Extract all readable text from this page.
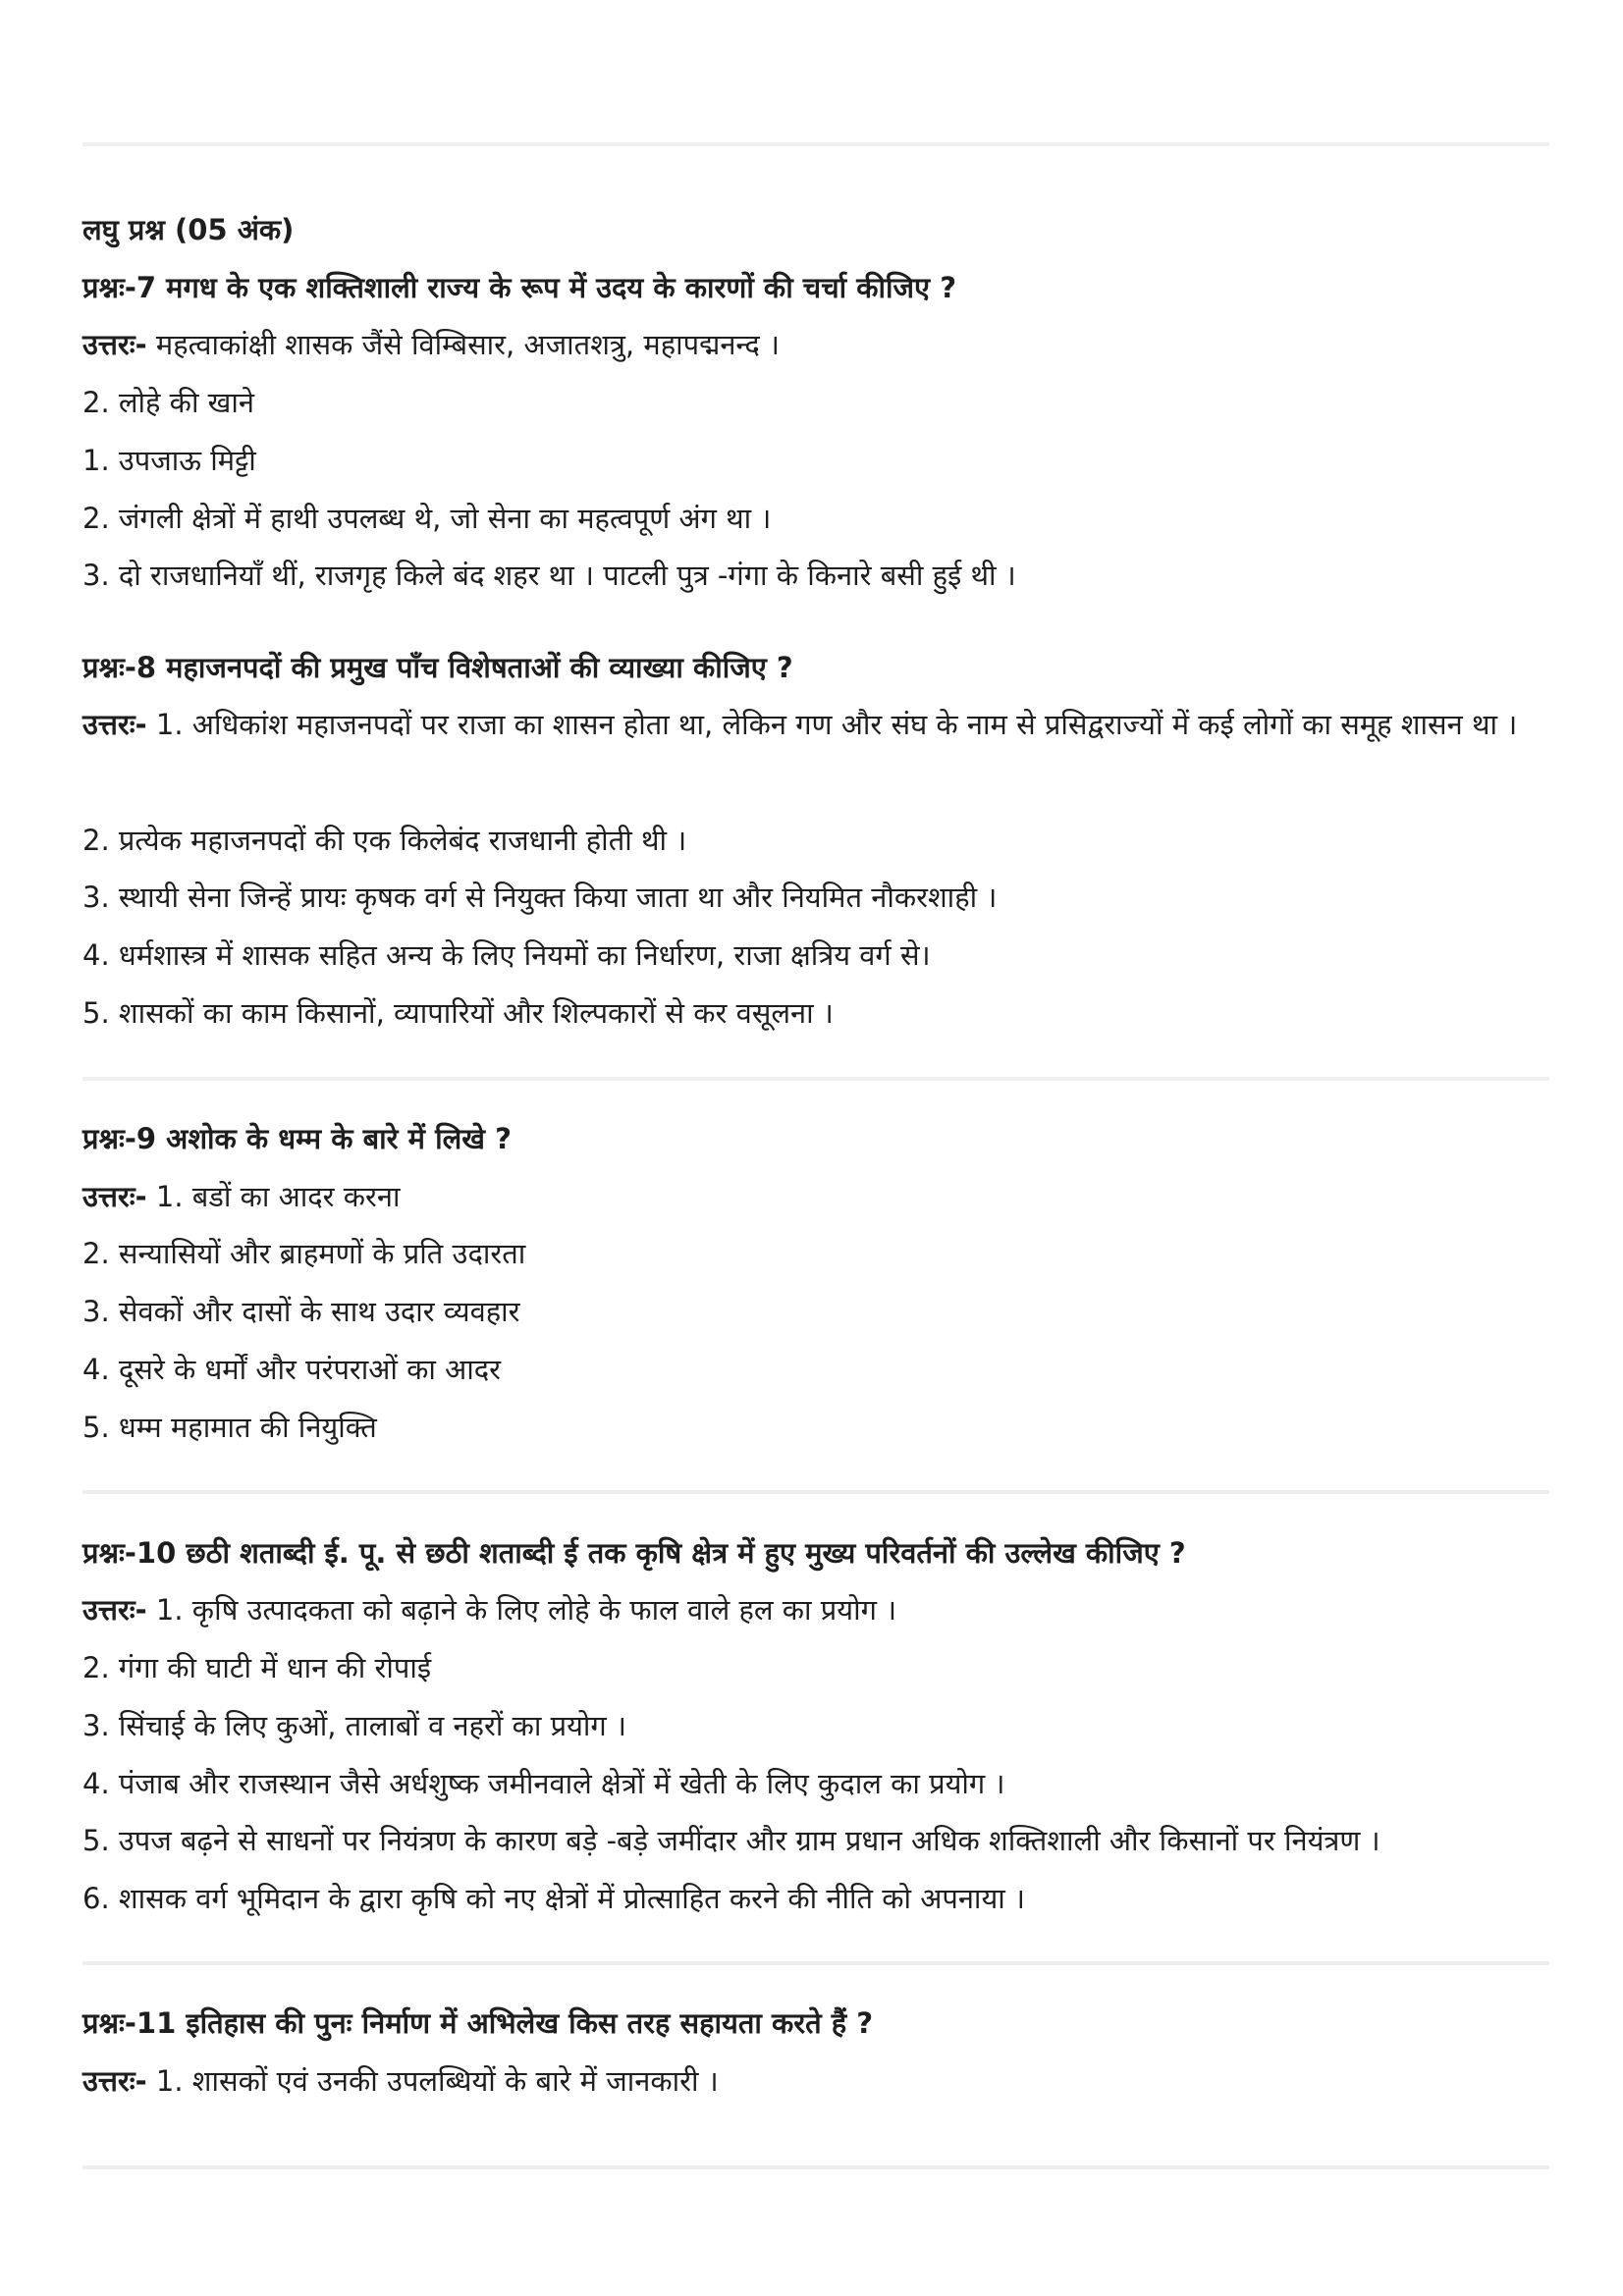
लघु प्रश्न (05 अंक)
प्रश्नः-7 मगध के एक शक्तिशाली राज्य के रूप में उदय के कारणों की चर्चा कीजिए ?
उत्तरः- महत्वाकांक्षी शासक जैंसे विम्बिसार, अजातशत्रु, महापद्मनन्द ।
2. लोहे की खाने
1. उपजाऊ मिट्टी
2. जंगली क्षेत्रों में हाथी उपलब्ध थे, जो सेना का महत्वपूर्ण अंग था ।
3. दो राजधानियाँ थीं, राजगृह किले बंद शहर था । पाटली पुत्र -गंगा के किनारे बसी हुई थी ।
प्रश्नः-8 महाजनपदों की प्रमुख पाँच विशेषताओं की व्याख्या कीजिए ?
उत्तरः- 1. अधिकांश महाजनपदों पर राजा का शासन होता था, लेकिन गण और संघ के नाम से प्रसिद्वराज्यों में कई लोगों का समूह शासन था ।
2. प्रत्येक महाजनपदों की एक किलेबंद राजधानी होती थी ।
3. स्थायी सेना जिन्हें प्रायः कृषक वर्ग से नियुक्त किया जाता था और नियमित नौकरशाही ।
4. धर्मशास्त्र में शासक सहित अन्य के लिए नियमों का निर्धारण, राजा क्षत्रिय वर्ग से।
5. शासकों का काम किसानों, व्यापारियों और शिल्पकारों से कर वसूलना ।
प्रश्नः-9 अशोक के धम्म के बारे में लिखे ?
उत्तरः- 1. बडों का आदर करना
2. सन्यासियों और ब्राहमणों के प्रति उदारता
3. सेवकों और दासों के साथ उदार व्यवहार
4. दूसरे के धर्मों और परंपराओं का आदर
5. धम्म महामात की नियुक्ति
प्रश्नः-10 छठी शताब्दी ई. पू. से छठी शताब्दी ई तक कृषि क्षेत्र में हुए मुख्य परिवर्तनों की उल्लेख कीजिए ?
उत्तरः- 1. कृषि उत्पादकता को बढ़ाने के लिए लोहे के फाल वाले हल का प्रयोग ।
2. गंगा की घाटी में धान की रोपाई
3. सिंचाई के लिए कुओं, तालाबों व नहरों का प्रयोग ।
4. पंजाब और राजस्थान जैसे अर्धशुष्क जमीनवाले क्षेत्रों में खेती के लिए कुदाल का प्रयोग ।
5. उपज बढ़ने से साधनों पर नियंत्रण के कारण बड़े -बड़े जमींदार और ग्राम प्रधान अधिक शक्तिशाली और किसानों पर नियंत्रण ।
6. शासक वर्ग भूमिदान के द्वारा कृषि को नए क्षेत्रों में प्रोत्साहित करने की नीति को अपनाया ।
प्रश्नः-11 इतिहास की पुनः निर्माण में अभिलेख किस तरह सहायता करते हैं ?
उत्तरः- 1. शासकों एवं उनकी उपलब्धियों के बारे में जानकारी ।
